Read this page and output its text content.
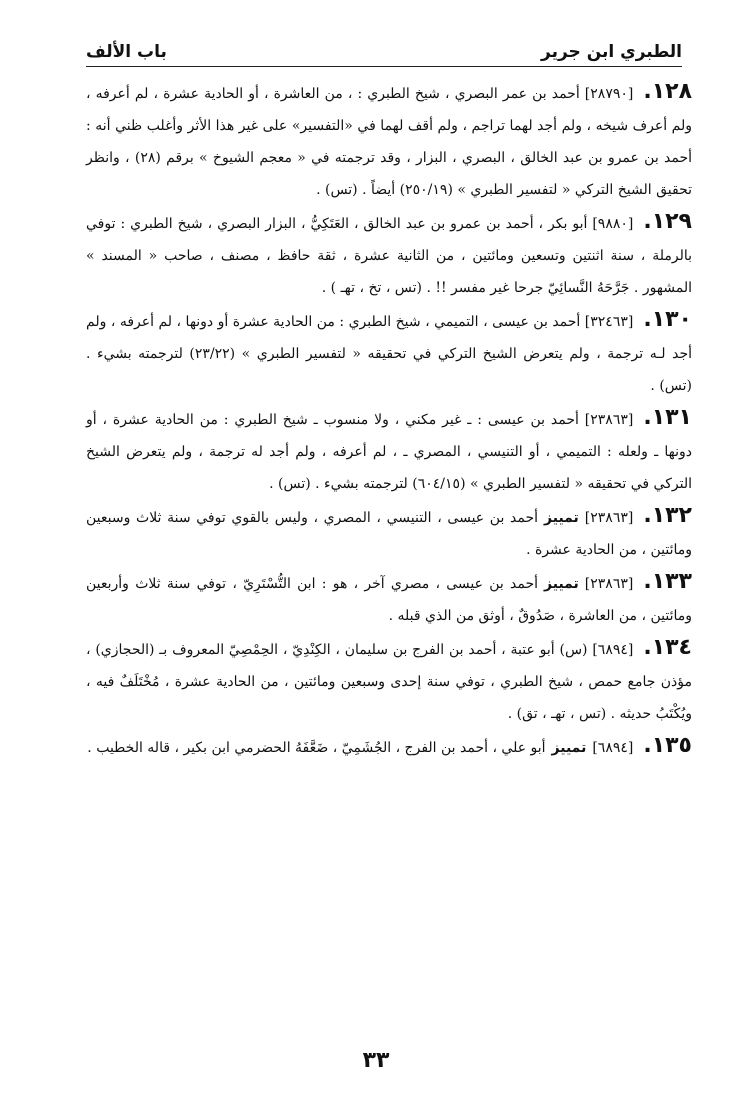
باب الألف	الطبري ابن جرير

١٢٨.[٢٨٧٩٠] أحمد بن عمر البصري ، شيخ الطبري : ، من العاشرة ، أو الحادية عشرة ، لم أعرفه ، ولم أعرف شيخه ، ولم أجد لهما تراجم ، ولم أقف لهما في «التفسير» على غير هذا الأثر وأغلب ظني أنه : أحمد بن عمرو بن عبد الخالق ، البصري ، البزار ، وقد ترجمته في « معجم الشيوخ » برقم (٢٨) ، وانظر تحقيق الشيخ التركي « لتفسير الطبري » (٢٥٠/١٩) أيضاً . (تس) .

١٢٩.[٩٨٨٠] أبو بكر ، أحمد بن عمرو بن عبد الخالق ، العَتَكِيُّ ، البزار البصري ، شيخ الطبري : توفي بالرملة ، سنة اثنتين وتسعين ومائتين ، من الثانية عشرة ، ثقة حافظ ، مصنف ، صاحب « المسند » المشهور . جَرَّحَهُ النَّسائِيّ جرحا غير مفسر !! . (تس ، تخ ، تهـ ) .

١٣٠.[٣٢٤٦٣] أحمد بن عيسى ، التميمي ، شيخ الطبري : من الحادية عشرة أو دونها ، لم أعرفه ، ولم أجد لـه ترجمة ، ولم يتعرض الشيخ التركي في تحقيقه « لتفسير الطبري » (٢٣/٢٢) لترجمته بشيء . (تس) .

١٣١.[٢٣٨٦٣] أحمد بن عيسى : ـ غير مكني ، ولا منسوب ـ شيخ الطبري : من الحادية عشرة ، أو دونها ـ ولعله : التميمي ، أو التنيسي ، المصري ـ ، لم أعرفه ، ولم أجد له ترجمة ، ولم يتعرض الشيخ التركي في تحقيقه « لتفسير الطبري » (٦٠٤/١٥) لترجمته بشيء . (تس) .

١٣٢.[٢٣٨٦٣]تمييزأحمد بن عيسى ، التنيسي ، المصري ، وليس بالقوي توفي سنة ثلاث وسبعين ومائتين ، من الحادية عشرة .

١٣٣.[٢٣٨٦٣]تمييزأحمد بن عيسى ، مصري آخر ، هو : ابن التُّسْتَرِيّ ، توفي سنة ثلاث وأربعين ومائتين ، من العاشرة ، صَدُوقٌ ، أوثق من الذي قبله .

١٣٤.[٦٨٩٤] (س) أبو عتبة ، أحمد بن الفرج بن سليمان ، الكِنْدِيّ ، الحِمْصِيّ المعروف بـ (الحجازي) ، مؤذن جامع حمص ، شيخ الطبري ، توفي سنة إحدى وسبعين ومائتين ، من الحادية عشرة ، مُخْتَلَفٌ فيه ، ويُكْتَبُ حديثه . (تس ، تهـ ، تق) .

١٣٥.[٦٨٩٤]تمييزأبو علي ، أحمد بن الفرج ، الجُشَمِيّ ، ضَعَّفَهُ الحضرمي ابن بكير ، قاله الخطيب .

٣٣
